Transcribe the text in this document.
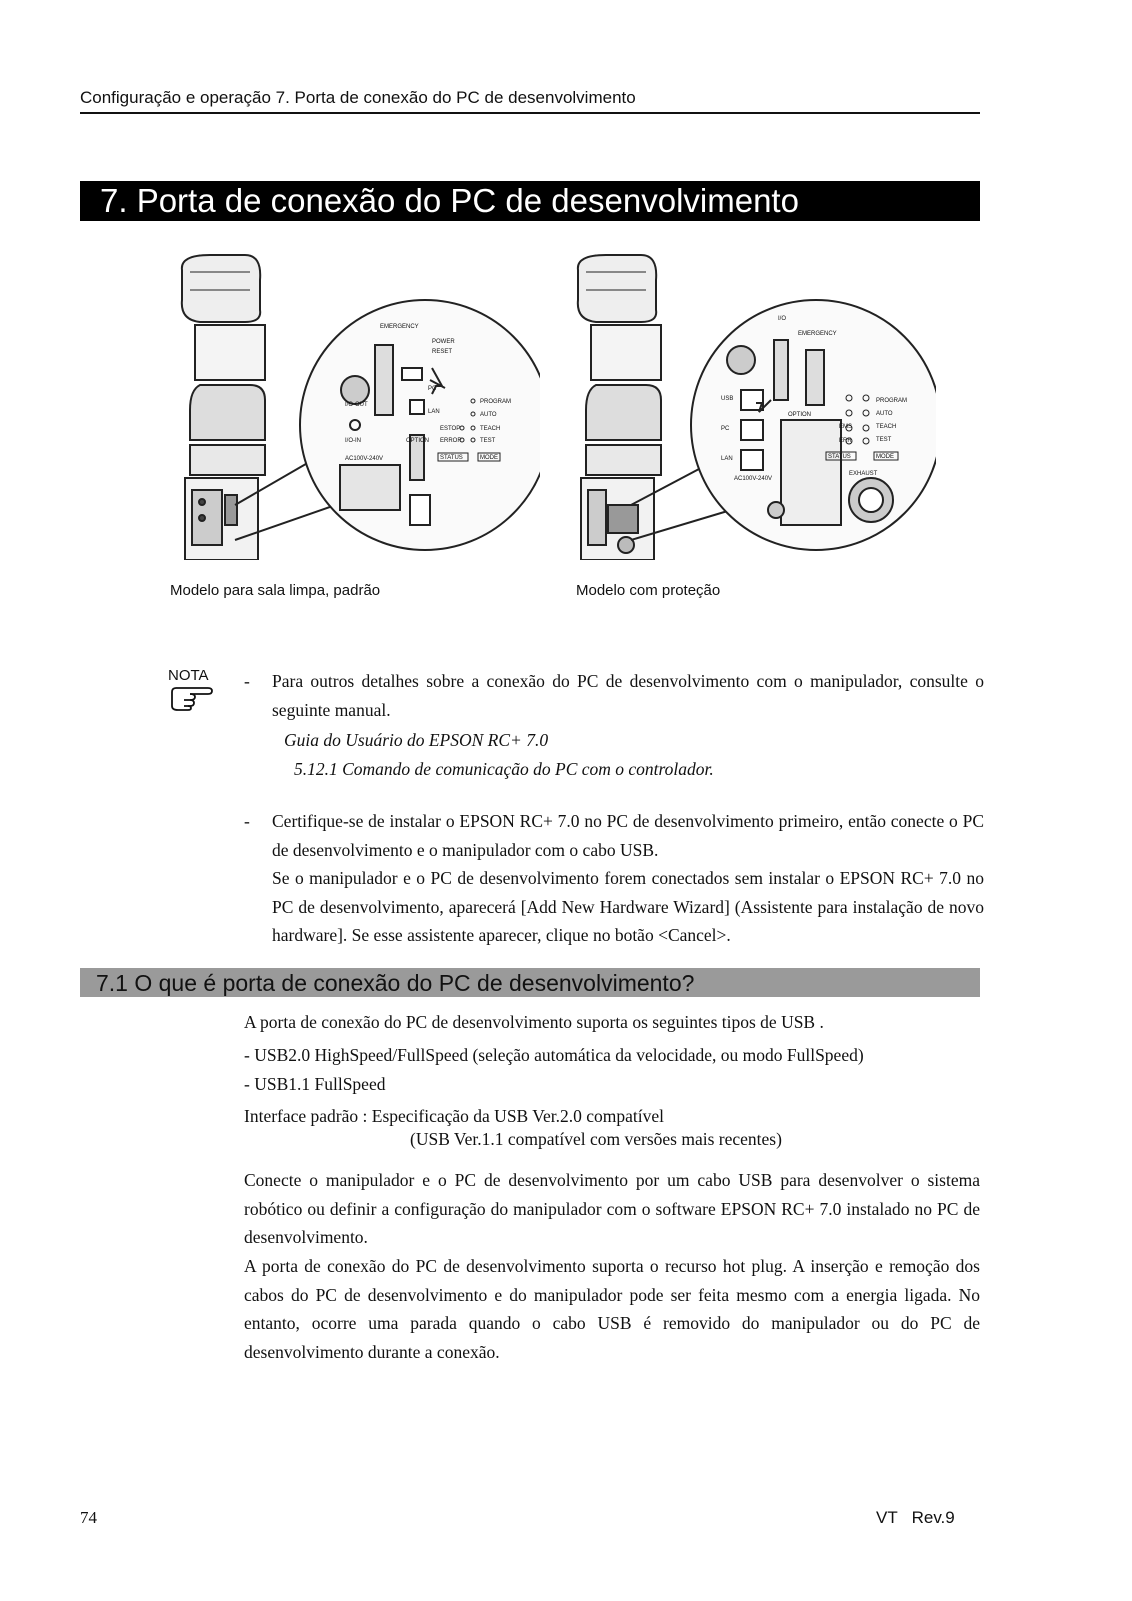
Configuração e operação 7. Porta de conexão do PC de desenvolvimento
7. Porta de conexão do PC de desenvolvimento
EMERGENCY
POWER
RESET
PC
I/O-OUT
LAN
I/O-IN	OPTION
AC100V-240V
ESTOP
ERROR
PROGRAM
AUTO
TEACH
TEST
STATUS	MODE
Modelo para sala limpa, padrão
I/O
EMERGENCY
USB
PC
LAN
OPTION
AC100V-240V
EMS
ERR
PROGRAM
AUTO
TEACH
TEST
STATUS	MODE
EXHAUST
Modelo com proteção
NOTA - Para outros detalhes sobre a conexão do PC de desenvolvimento com o manipulador, consulte o seguinte manual.
Guia do Usuário do EPSON RC+ 7.0
5.12.1 Comando de comunicação do PC com o controlador.
- Certifique-se de instalar o EPSON RC+ 7.0 no PC de desenvolvimento primeiro, então conecte o PC de desenvolvimento e o manipulador com o cabo USB.
Se o manipulador e o PC de desenvolvimento forem conectados sem instalar o EPSON RC+ 7.0 no PC de desenvolvimento, aparecerá [Add New Hardware Wizard] (Assistente para instalação de novo hardware]. Se esse assistente aparecer, clique no botão <Cancel>.
7.1 O que é porta de conexão do PC de desenvolvimento?
A porta de conexão do PC de desenvolvimento suporta os seguintes tipos de USB .
- USB2.0 HighSpeed/FullSpeed (seleção automática da velocidade, ou modo FullSpeed)
- USB1.1 FullSpeed
Interface padrão : Especificação da USB Ver.2.0 compatível
(USB Ver.1.1 compatível com versões mais recentes)
Conecte o manipulador e o PC de desenvolvimento por um cabo USB para desenvolver o sistema robótico ou definir a configuração do manipulador com o software EPSON RC+ 7.0 instalado no PC de desenvolvimento.
A porta de conexão do PC de desenvolvimento suporta o recurso hot plug. A inserção e remoção dos cabos do PC de desenvolvimento e do manipulador pode ser feita mesmo com a energia ligada. No entanto, ocorre uma parada quando o cabo USB é removido do manipulador ou do PC de desenvolvimento durante a conexão.
74	VT   Rev.9
